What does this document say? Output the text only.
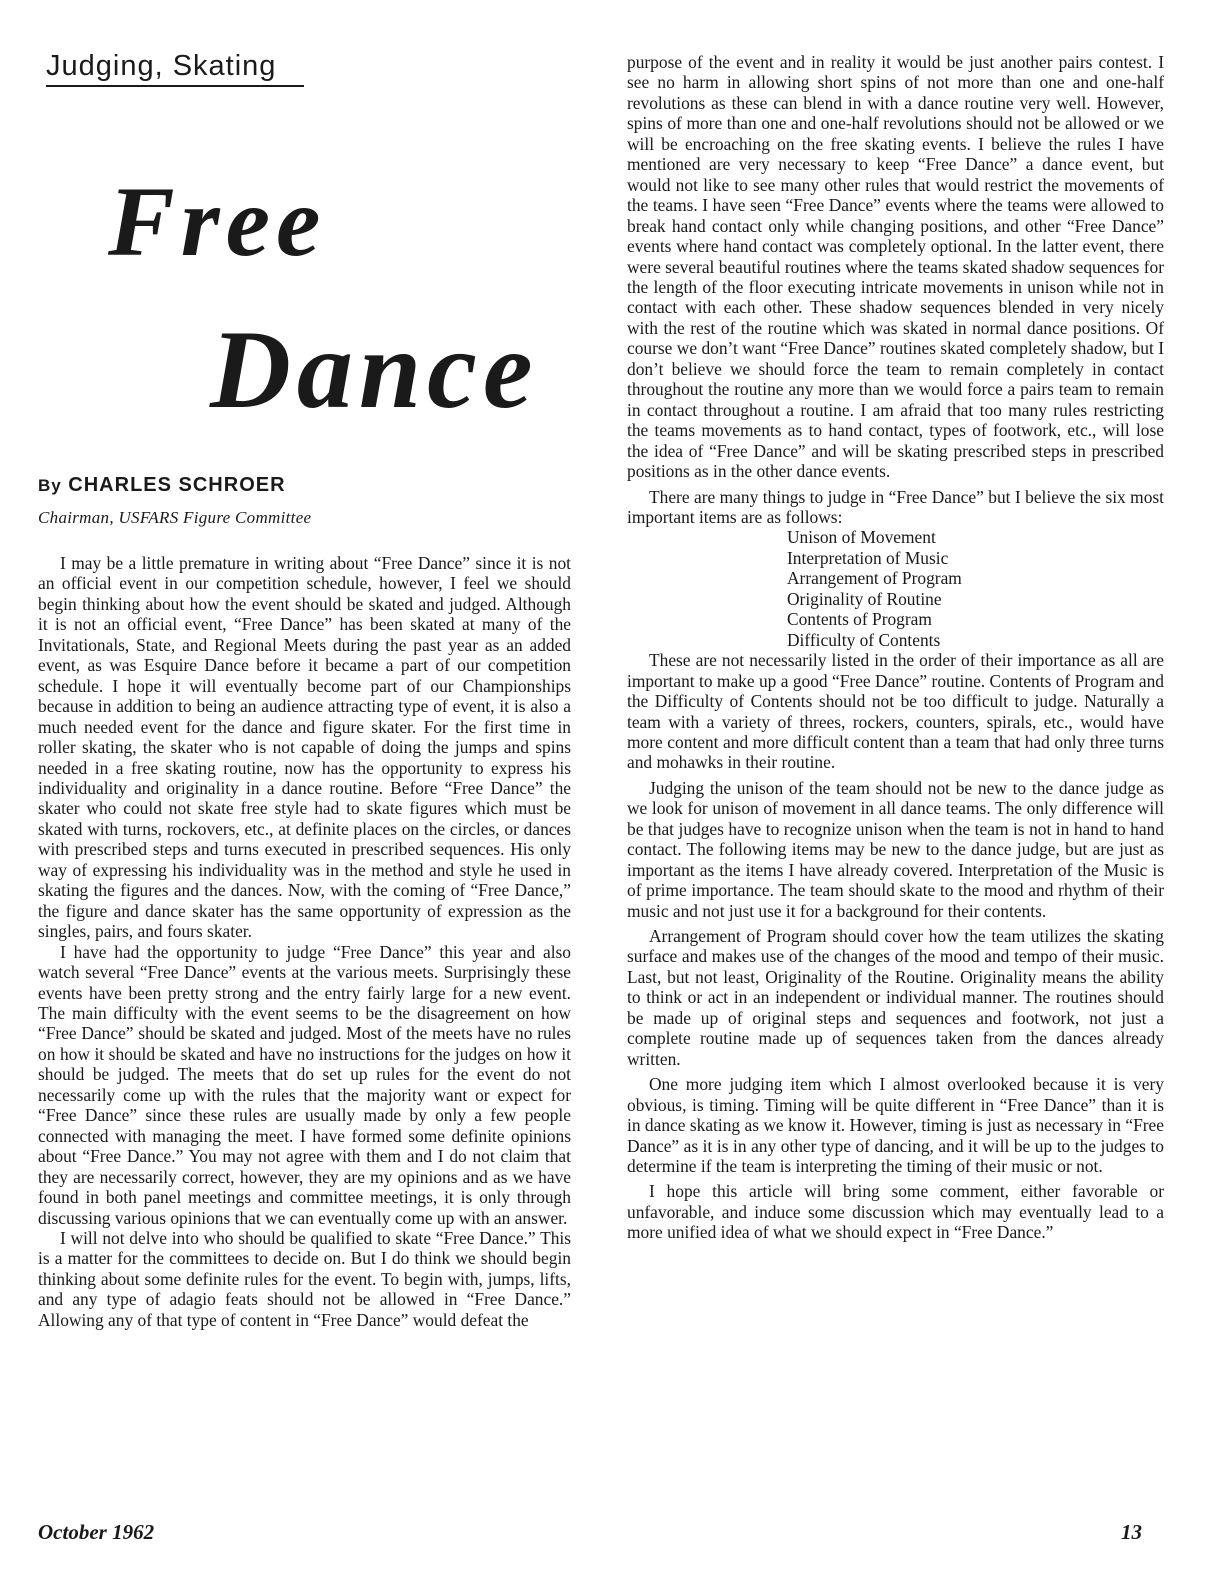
Judging, Skating
Free
Dance
By CHARLES SCHROER
Chairman, USFARS Figure Committee

I may be a little premature in writing about “Free Dance” since it is not an official event in our competition schedule, however, I feel we should begin thinking about how the event should be skated and judged. Although it is not an official event, “Free Dance” has been skated at many of the Invitationals, State, and Regional Meets during the past year as an added event, as was Esquire Dance before it became a part of our competition schedule. I hope it will eventually become part of our Championships because in addition to being an audience attracting type of event, it is also a much needed event for the dance and figure skater. For the first time in roller skating, the skater who is not capable of doing the jumps and spins needed in a free skating routine, now has the opportunity to express his individuality and originality in a dance routine. Before “Free Dance” the skater who could not skate free style had to skate figures which must be skated with turns, rockovers, etc., at definite places on the circles, or dances with prescribed steps and turns executed in prescribed sequences. His only way of expressing his individuality was in the method and style he used in skating the figures and the dances. Now, with the coming of “Free Dance,” the figure and dance skater has the same opportunity of expression as the singles, pairs, and fours skater.

I have had the opportunity to judge “Free Dance” this year and also watch several “Free Dance” events at the various meets. Surprisingly these events have been pretty strong and the entry fairly large for a new event. The main difficulty with the event seems to be the disagreement on how “Free Dance” should be skated and judged. Most of the meets have no rules on how it should be skated and have no instructions for the judges on how it should be judged. The meets that do set up rules for the event do not necessarily come up with the rules that the majority want or expect for “Free Dance” since these rules are usually made by only a few people connected with managing the meet. I have formed some definite opinions about “Free Dance.” You may not agree with them and I do not claim that they are necessarily correct, however, they are my opinions and as we have found in both panel meetings and committee meetings, it is only through discussing various opinions that we can eventually come up with an answer.

I will not delve into who should be qualified to skate “Free Dance.” This is a matter for the committees to decide on. But I do think we should begin thinking about some definite rules for the event. To begin with, jumps, lifts, and any type of adagio feats should not be allowed in “Free Dance.” Allowing any of that type of content in “Free Dance” would defeat the

purpose of the event and in reality it would be just another pairs contest. I see no harm in allowing short spins of not more than one and one-half revolutions as these can blend in with a dance routine very well. However, spins of more than one and one-half revolutions should not be allowed or we will be encroaching on the free skating events. I believe the rules I have mentioned are very necessary to keep “Free Dance” a dance event, but would not like to see many other rules that would restrict the movements of the teams. I have seen “Free Dance” events where the teams were allowed to break hand contact only while changing positions, and other “Free Dance” events where hand contact was completely optional. In the latter event, there were several beautiful routines where the teams skated shadow sequences for the length of the floor executing intricate movements in unison while not in contact with each other. These shadow sequences blended in very nicely with the rest of the routine which was skated in normal dance positions. Of course we don’t want “Free Dance” routines skated completely shadow, but I don’t believe we should force the team to remain completely in contact throughout the routine any more than we would force a pairs team to remain in contact throughout a routine. I am afraid that too many rules restricting the teams movements as to hand contact, types of footwork, etc., will lose the idea of “Free Dance” and will be skating prescribed steps in prescribed positions as in the other dance events.

There are many things to judge in “Free Dance” but I believe the six most important items are as follows:

Unison of Movement
Interpretation of Music
Arrangement of Program
Originality of Routine
Contents of Program
Difficulty of Contents

These are not necessarily listed in the order of their importance as all are important to make up a good “Free Dance” routine. Contents of Program and the Difficulty of Contents should not be too difficult to judge. Naturally a team with a variety of threes, rockers, counters, spirals, etc., would have more content and more difficult content than a team that had only three turns and mohawks in their routine.

Judging the unison of the team should not be new to the dance judge as we look for unison of movement in all dance teams. The only difference will be that judges have to recognize unison when the team is not in hand to hand contact. The following items may be new to the dance judge, but are just as important as the items I have already covered. Interpretation of the Music is of prime importance. The team should skate to the mood and rhythm of their music and not just use it for a background for their contents.

Arrangement of Program should cover how the team utilizes the skating surface and makes use of the changes of the mood and tempo of their music. Last, but not least, Originality of the Routine. Originality means the ability to think or act in an independent or individual manner. The routines should be made up of original steps and sequences and footwork, not just a complete routine made up of sequences taken from the dances already written.

One more judging item which I almost overlooked because it is very obvious, is timing. Timing will be quite different in “Free Dance” than it is in dance skating as we know it. However, timing is just as necessary in “Free Dance” as it is in any other type of dancing, and it will be up to the judges to determine if the team is interpreting the timing of their music or not.

I hope this article will bring some comment, either favorable or unfavorable, and induce some discussion which may eventually lead to a more unified idea of what we should expect in “Free Dance.”

October 1962	13
